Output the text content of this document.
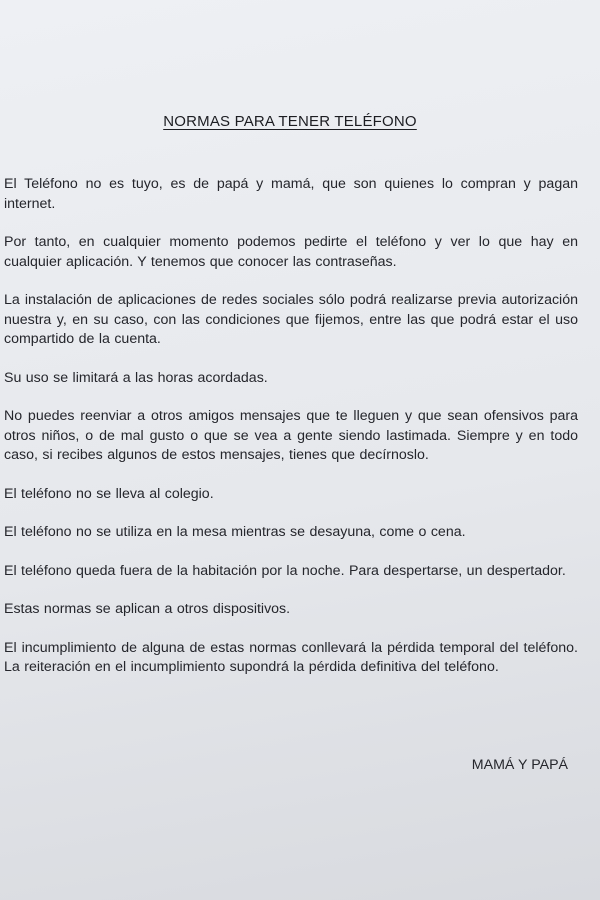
NORMAS PARA TENER TELÉFONO

El Teléfono no es tuyo, es de papá y mamá, que son quienes lo compran y pagan internet.

Por tanto, en cualquier momento podemos pedirte el teléfono y ver lo que hay en cualquier aplicación. Y tenemos que conocer las contraseñas.

La instalación de aplicaciones de redes sociales sólo podrá realizarse previa autorización nuestra y, en su caso, con las condiciones que fijemos, entre las que podrá estar el uso compartido de la cuenta.

Su uso se limitará a las horas acordadas.

No puedes reenviar a otros amigos mensajes que te lleguen y que sean ofensivos para otros niños, o de mal gusto o que se vea a gente siendo lastimada. Siempre y en todo caso, si recibes algunos de estos mensajes, tienes que decírnoslo.

El teléfono no se lleva al colegio.

El teléfono no se utiliza en la mesa mientras se desayuna, come o cena.

El teléfono queda fuera de la habitación por la noche. Para despertarse, un despertador.

Estas normas se aplican a otros dispositivos.

El incumplimiento de alguna de estas normas conllevará la pérdida temporal del teléfono. La reiteración en el incumplimiento supondrá la pérdida definitiva del teléfono.

MAMÁ Y PAPÁ
